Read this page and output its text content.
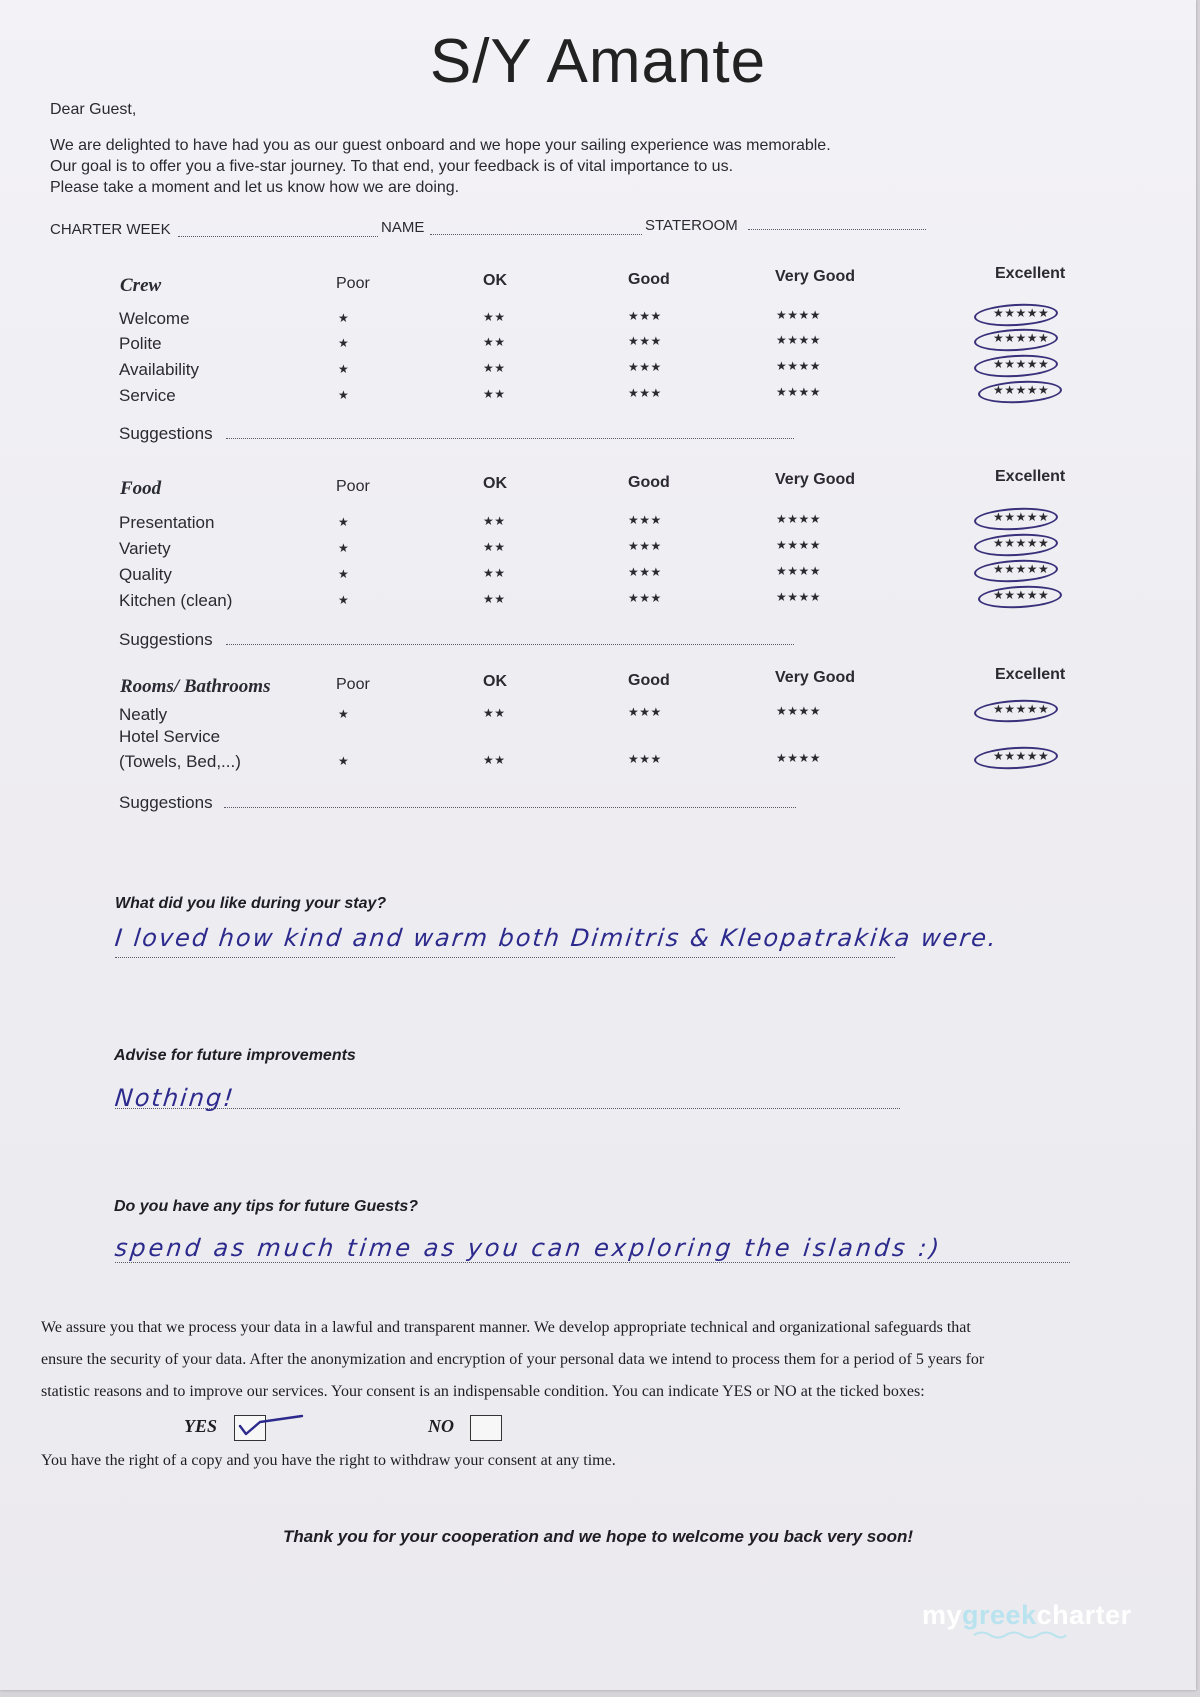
S/Y Amante
Dear Guest,
We are delighted to have had you as our guest onboard and we hope your sailing experience was memorable.
Our goal is to offer you a five-star journey. To that end, your feedback is of vital importance to us.
Please take a moment and let us know how we are doing.
CHARTER WEEK	NAME	STATEROOM
Crew	Poor	OK	Good	Very Good	Excellent
Welcome	★	★★	★★★	★★★★	★★★★★
Polite	★	★★	★★★	★★★★	★★★★★
Availability	★	★★	★★★	★★★★	★★★★★
Service	★	★★	★★★	★★★★	★★★★★
Suggestions
Food	Poor	OK	Good	Very Good	Excellent
Presentation	★	★★	★★★	★★★★	★★★★★
Variety	★	★★	★★★	★★★★	★★★★★
Quality	★	★★	★★★	★★★★	★★★★★
Kitchen (clean)	★	★★	★★★	★★★★	★★★★★
Suggestions
Rooms/ Bathrooms	Poor	OK	Good	Very Good	Excellent
Neatly	★	★★	★★★	★★★★	★★★★★
Hotel Service
(Towels, Bed,...)	★	★★	★★★	★★★★	★★★★★
Suggestions
What did you like during your stay?
I loved how kind and warm both Dimitris & Kleopatrakika were.
Advise for future improvements
Nothing!
Do you have any tips for future Guests?
spend as much time as you can exploring the islands :)
We assure you that we process your data in a lawful and transparent manner. We develop appropriate technical and organizational safeguards that
ensure the security of your data. After the anonymization and encryption of your personal data we intend to process them for a period of 5 years for
statistic reasons and to improve our services. Your consent is an indispensable condition. You can indicate YES or NO at the ticked boxes:
YES	NO
You have the right of a copy and you have the right to withdraw your consent at any time.
Thank you for your cooperation and we hope to welcome you back very soon!
mygreekcharter
